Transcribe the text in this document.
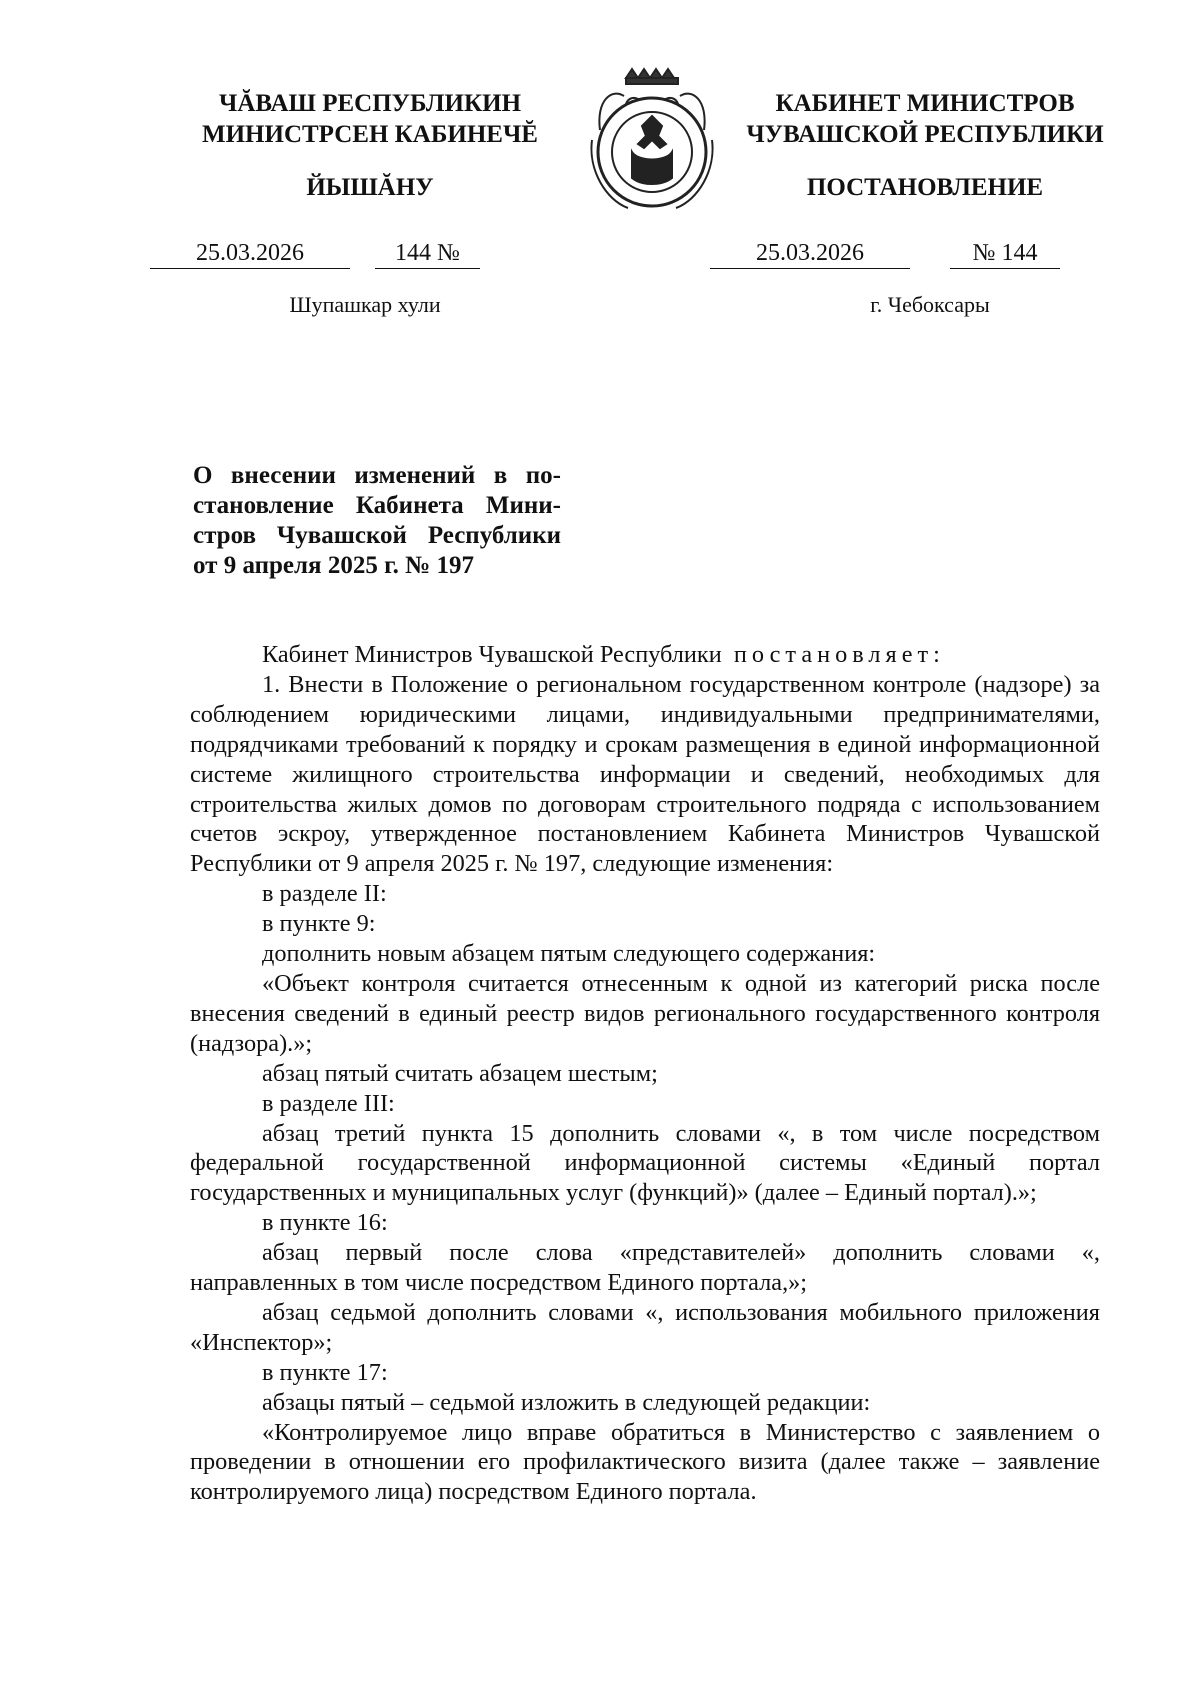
ЧĂВАШ РЕСПУБЛИКИН
МИНИСТРСЕН КАБИНЕЧĔ
ЙЫШĂНУ
КАБИНЕТ МИНИСТРОВ
ЧУВАШСКОЙ РЕСПУБЛИКИ
ПОСТАНОВЛЕНИЕ
25.03.2026	144 №	25.03.2026	№ 144
Шупашкар хули	г. Чебоксары
О внесении изменений в по-
становление Кабинета Мини-
стров Чувашской Республики
от 9 апреля 2025 г. № 197

Кабинет Министров Чувашской Республики постановляет:

1. Внести в Положение о региональном государственном контроле (надзоре) за соблюдением юридическими лицами, индивидуальными предпринимателями, подрядчиками требований к порядку и срокам размещения в единой информационной системе жилищного строительства информации и сведений, необходимых для строительства жилых домов по договорам строительного подряда с использованием счетов эскроу, утвержденное постановлением Кабинета Министров Чувашской Республики от 9 апреля 2025 г. № 197, следующие изменения:

в разделе II:

в пункте 9:

дополнить новым абзацем пятым следующего содержания:

«Объект контроля считается отнесенным к одной из категорий риска после внесения сведений в единый реестр видов регионального государственного контроля (надзора).»;

абзац пятый считать абзацем шестым;

в разделе III:

абзац третий пункта 15 дополнить словами «, в том числе посредством федеральной государственной информационной системы «Единый портал государственных и муниципальных услуг (функций)» (далее – Единый портал).»;

в пункте 16:

абзац первый после слова «представителей» дополнить словами «, направленных в том числе посредством Единого портала,»;

абзац седьмой дополнить словами «, использования мобильного приложения «Инспектор»;

в пункте 17:

абзацы пятый – седьмой изложить в следующей редакции:

«Контролируемое лицо вправе обратиться в Министерство с заявлением о проведении в отношении его профилактического визита (далее также – заявление контролируемого лица) посредством Единого портала.
